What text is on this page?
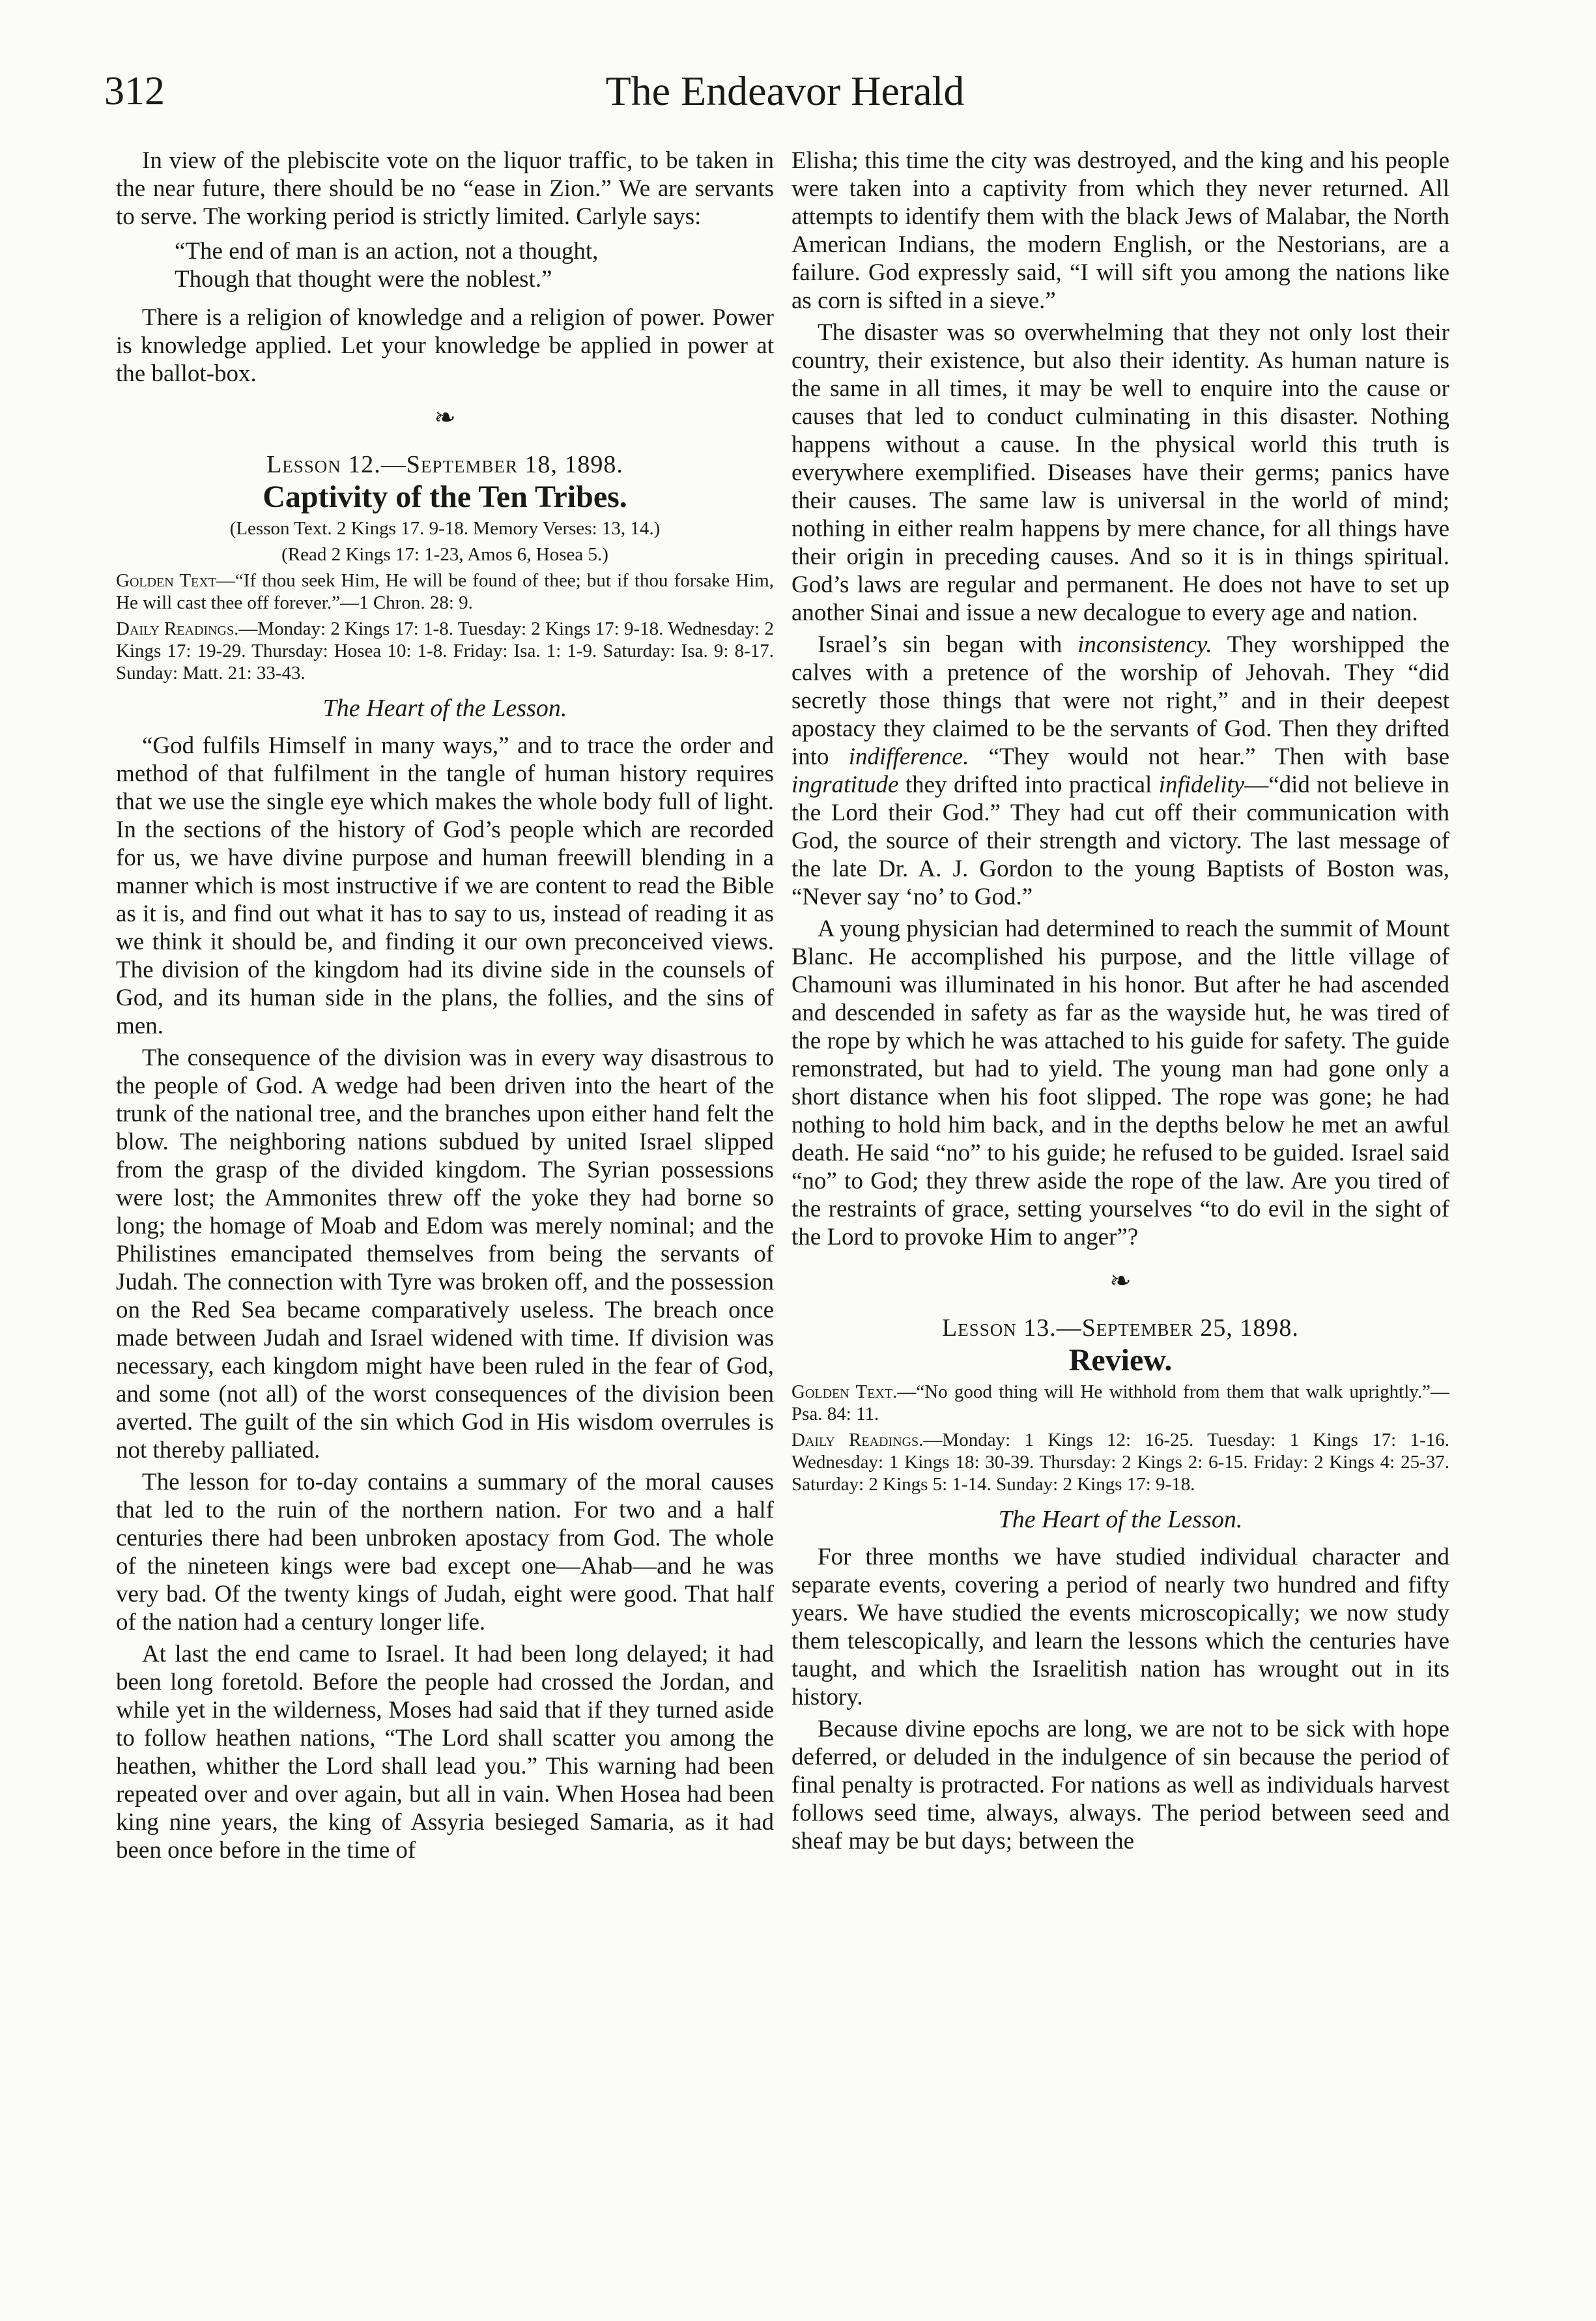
312	The Endeavor Herald

In view of the plebiscite vote on the liquor traffic, to be taken in the near future, there should be no “ease in Zion.” We are servants to serve. The working period is strictly limited. Carlyle says:

“The end of man is an action, not a thought,
Though that thought were the noblest.”

There is a religion of knowledge and a religion of power. Power is knowledge applied. Let your knowledge be applied in power at the ballot-box.

❧
Lesson 12.—September 18, 1898.
Captivity of the Ten Tribes.

(Lesson Text. 2 Kings 17. 9-18. Memory Verses: 13, 14.)

(Read 2 Kings 17: 1-23, Amos 6, Hosea 5.)

Golden Text—“If thou seek Him, He will be found of thee; but if thou forsake Him, He will cast thee off forever.”—1 Chron. 28: 9.

Daily Readings.—Monday: 2 Kings 17: 1-8. Tuesday: 2 Kings 17: 9-18. Wednesday: 2 Kings 17: 19-29. Thursday: Hosea 10: 1-8. Friday: Isa. 1: 1-9. Saturday: Isa. 9: 8-17. Sunday: Matt. 21: 33-43.

The Heart of the Lesson.

“God fulfils Himself in many ways,” and to trace the order and method of that fulfilment in the tangle of human history requires that we use the single eye which makes the whole body full of light. In the sections of the history of God’s people which are recorded for us, we have divine purpose and human freewill blending in a manner which is most instructive if we are content to read the Bible as it is, and find out what it has to say to us, instead of reading it as we think it should be, and finding it our own preconceived views. The division of the kingdom had its divine side in the counsels of God, and its human side in the plans, the follies, and the sins of men.

The consequence of the division was in every way disastrous to the people of God. A wedge had been driven into the heart of the trunk of the national tree, and the branches upon either hand felt the blow. The neighboring nations subdued by united Israel slipped from the grasp of the divided kingdom. The Syrian possessions were lost; the Ammonites threw off the yoke they had borne so long; the homage of Moab and Edom was merely nominal; and the Philistines emancipated themselves from being the servants of Judah. The connection with Tyre was broken off, and the possession on the Red Sea became comparatively useless. The breach once made between Judah and Israel widened with time. If division was necessary, each kingdom might have been ruled in the fear of God, and some (not all) of the worst consequences of the division been averted. The guilt of the sin which God in His wisdom overrules is not thereby palliated.

The lesson for to-day contains a summary of the moral causes that led to the ruin of the northern nation. For two and a half centuries there had been unbroken apostacy from God. The whole of the nineteen kings were bad except one—Ahab—and he was very bad. Of the twenty kings of Judah, eight were good. That half of the nation had a century longer life.

At last the end came to Israel. It had been long delayed; it had been long foretold. Before the people had crossed the Jordan, and while yet in the wilderness, Moses had said that if they turned aside to follow heathen nations, “The Lord shall scatter you among the heathen, whither the Lord shall lead you.” This warning had been repeated over and over again, but all in vain. When Hosea had been king nine years, the king of Assyria besieged Samaria, as it had been once before in the time of

Elisha; this time the city was destroyed, and the king and his people were taken into a captivity from which they never returned. All attempts to identify them with the black Jews of Malabar, the North American Indians, the modern English, or the Nestorians, are a failure. God expressly said, “I will sift you among the nations like as corn is sifted in a sieve.”

The disaster was so overwhelming that they not only lost their country, their existence, but also their identity. As human nature is the same in all times, it may be well to enquire into the cause or causes that led to conduct culminating in this disaster. Nothing happens without a cause. In the physical world this truth is everywhere exemplified. Diseases have their germs; panics have their causes. The same law is universal in the world of mind; nothing in either realm happens by mere chance, for all things have their origin in preceding causes. And so it is in things spiritual. God’s laws are regular and permanent. He does not have to set up another Sinai and issue a new decalogue to every age and nation.

Israel’s sin began with inconsistency. They worshipped the calves with a pretence of the worship of Jehovah. They “did secretly those things that were not right,” and in their deepest apostacy they claimed to be the servants of God. Then they drifted into indifference. “They would not hear.” Then with base ingratitude they drifted into practical infidelity—“did not believe in the Lord their God.” They had cut off their communication with God, the source of their strength and victory. The last message of the late Dr. A. J. Gordon to the young Baptists of Boston was, “Never say ‘no’ to God.”

A young physician had determined to reach the summit of Mount Blanc. He accomplished his purpose, and the little village of Chamouni was illuminated in his honor. But after he had ascended and descended in safety as far as the wayside hut, he was tired of the rope by which he was attached to his guide for safety. The guide remonstrated, but had to yield. The young man had gone only a short distance when his foot slipped. The rope was gone; he had nothing to hold him back, and in the depths below he met an awful death. He said “no” to his guide; he refused to be guided. Israel said “no” to God; they threw aside the rope of the law. Are you tired of the restraints of grace, setting yourselves “to do evil in the sight of the Lord to provoke Him to anger”?

❧
Lesson 13.—September 25, 1898.
Review.

Golden Text.—“No good thing will He withhold from them that walk uprightly.”—Psa. 84: 11.

Daily Readings.—Monday: 1 Kings 12: 16-25. Tuesday: 1 Kings 17: 1-16. Wednesday: 1 Kings 18: 30-39. Thursday: 2 Kings 2: 6-15. Friday: 2 Kings 4: 25-37. Saturday: 2 Kings 5: 1-14. Sunday: 2 Kings 17: 9-18.

The Heart of the Lesson.

For three months we have studied individual character and separate events, covering a period of nearly two hundred and fifty years. We have studied the events microscopically; we now study them telescopically, and learn the lessons which the centuries have taught, and which the Israelitish nation has wrought out in its history.

Because divine epochs are long, we are not to be sick with hope deferred, or deluded in the indulgence of sin because the period of final penalty is protracted. For nations as well as individuals harvest follows seed time, always, always. The period between seed and sheaf may be but days; between the
